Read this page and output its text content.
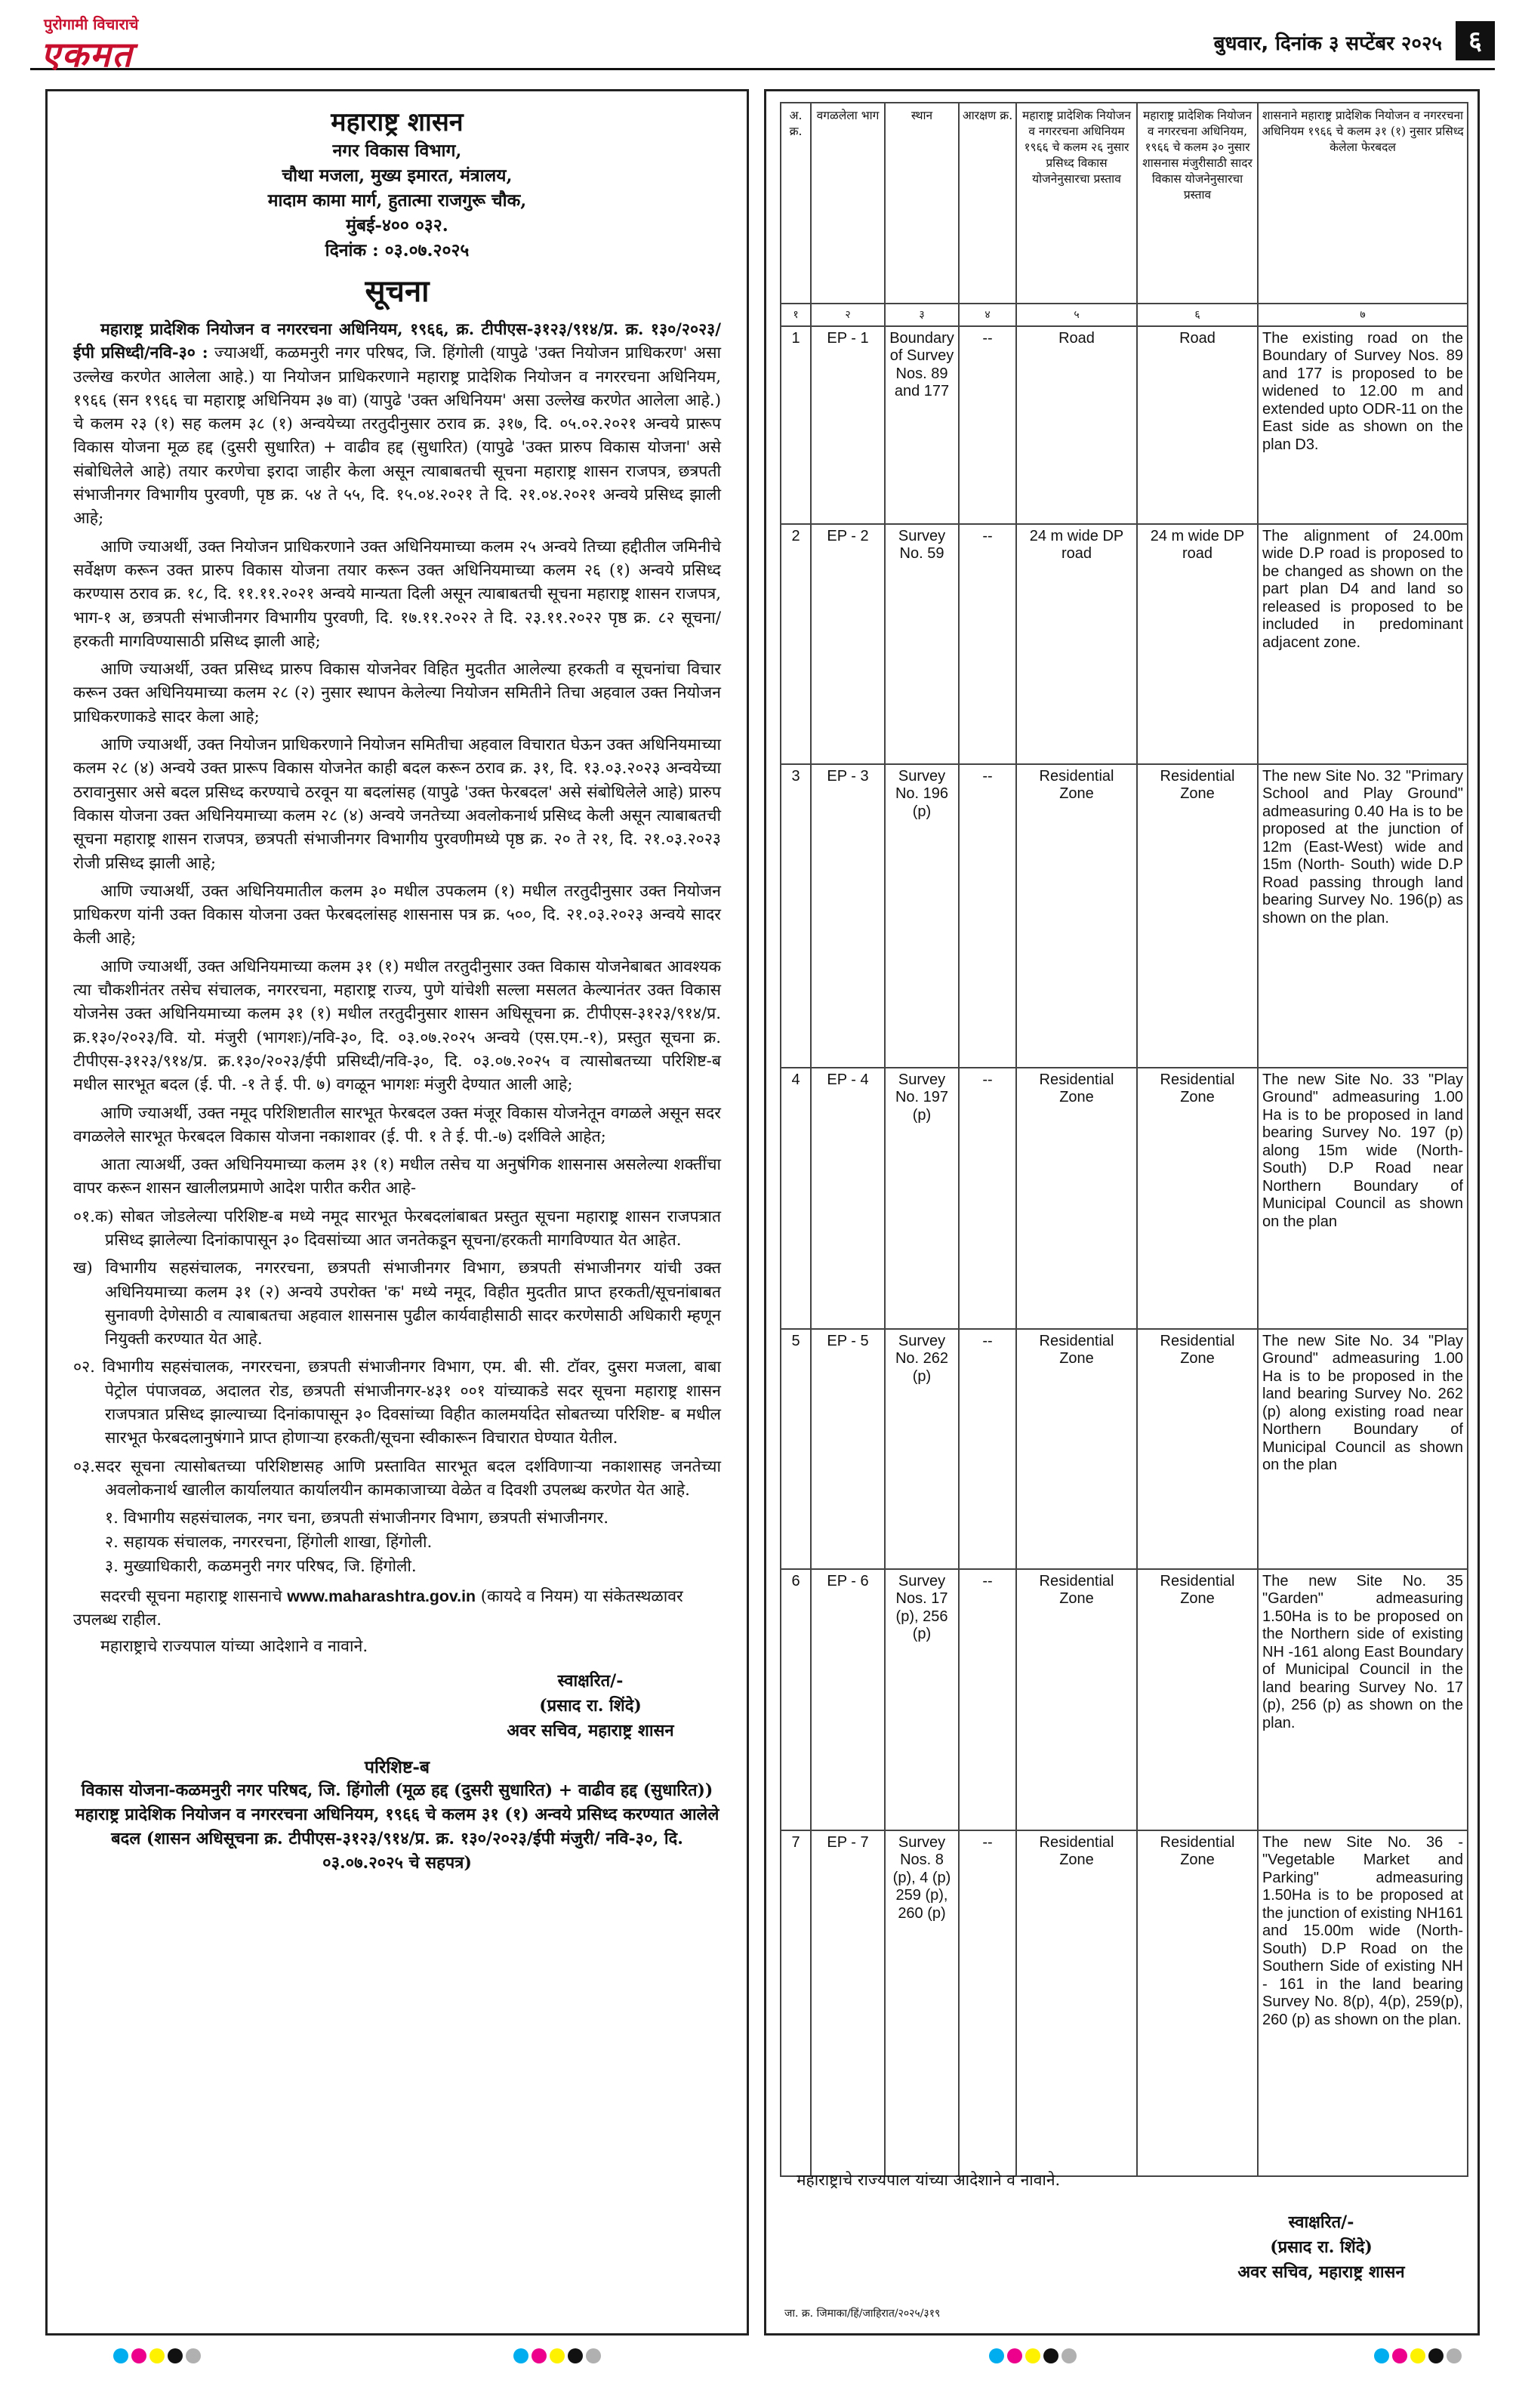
पुरोगामी विचाराचे
एकमत	बुधवार, दिनांक ३ सप्टेंबर २०२५	६
महाराष्ट्र शासन
नगर विकास विभाग,
चौथा मजला, मुख्य इमारत, मंत्रालय,
मादाम कामा मार्ग, हुतात्मा राजगुरू चौक,
मुंबई-४०० ०३२.
दिनांक : ०३.०७.२०२५
सूचना

महाराष्ट्र प्रादेशिक नियोजन व नगररचना अधिनियम, १९६६, क्र. टीपीएस-३१२३/९१४/प्र. क्र. १३०/२०२३/ईपी प्रसिध्दी/नवि-३० : ज्याअर्थी, कळमनुरी नगर परिषद, जि. हिंगोली (यापुढे 'उक्त नियोजन प्राधिकरण' असा उल्लेख करणेत आलेला आहे.) या नियोजन प्राधिकरणाने महाराष्ट्र प्रादेशिक नियोजन व नगररचना अधिनियम, १९६६ (सन १९६६ चा महाराष्ट्र अधिनियम ३७ वा) (यापुढे 'उक्त अधिनियम' असा उल्लेख करणेत आलेला आहे.) चे कलम २३ (१) सह कलम ३८ (१) अन्वयेच्या तरतुदीनुसार ठराव क्र. ३१७, दि. ०५.०२.२०२१ अन्वये प्रारूप विकास योजना मूळ हद्द (दुसरी सुधारित) + वाढीव हद्द (सुधारित) (यापुढे 'उक्त प्रारुप विकास योजना' असे संबोधिलेले आहे) तयार करणेचा इरादा जाहीर केला असून त्याबाबतची सूचना महाराष्ट्र शासन राजपत्र, छत्रपती संभाजीनगर विभागीय पुरवणी, पृष्ठ क्र. ५४ ते ५५, दि. १५.०४.२०२१ ते दि. २१.०४.२०२१ अन्वये प्रसिध्द झाली आहे;

आणि ज्याअर्थी, उक्त नियोजन प्राधिकरणाने उक्त अधिनियमाच्या कलम २५ अन्वये तिच्या हद्दीतील जमिनीचे सर्वेक्षण करून उक्त प्रारुप विकास योजना तयार करून उक्त अधिनियमाच्या कलम २६ (१) अन्वये प्रसिध्द करण्यास ठराव क्र. १८, दि. ११.११.२०२१ अन्वये मान्यता दिली असून त्याबाबतची सूचना महाराष्ट्र शासन राजपत्र, भाग-१ अ, छत्रपती संभाजीनगर विभागीय पुरवणी, दि. १७.११.२०२२ ते दि. २३.११.२०२२ पृष्ठ क्र. ८२ सूचना/हरकती मागविण्यासाठी प्रसिध्द झाली आहे;

आणि ज्याअर्थी, उक्त प्रसिध्द प्रारुप विकास योजनेवर विहित मुदतीत आलेल्या हरकती व सूचनांचा विचार करून उक्त अधिनियमाच्या कलम २८ (२) नुसार स्थापन केलेल्या नियोजन समितीने तिचा अहवाल उक्त नियोजन प्राधिकरणाकडे सादर केला आहे;

आणि ज्याअर्थी, उक्त नियोजन प्राधिकरणाने नियोजन समितीचा अहवाल विचारात घेऊन उक्त अधिनियमाच्या कलम २८ (४) अन्वये उक्त प्रारूप विकास योजनेत काही बदल करून ठराव क्र. ३१, दि. १३.०३.२०२३ अन्वयेच्या ठरावानुसार असे बदल प्रसिध्द करण्याचे ठरवून या बदलांसह (यापुढे 'उक्त फेरबदल' असे संबोधिलेले आहे) प्रारुप विकास योजना उक्त अधिनियमाच्या कलम २८ (४) अन्वये जनतेच्या अवलोकनार्थ प्रसिध्द केली असून त्याबाबतची सूचना महाराष्ट्र शासन राजपत्र, छत्रपती संभाजीनगर विभागीय पुरवणीमध्ये पृष्ठ क्र. २० ते २१, दि. २१.०३.२०२३ रोजी प्रसिध्द झाली आहे;

आणि ज्याअर्थी, उक्त अधिनियमातील कलम ३० मधील उपकलम (१) मधील तरतुदीनुसार उक्त नियोजन प्राधिकरण यांनी उक्त विकास योजना उक्त फेरबदलांसह शासनास पत्र क्र. ५००, दि. २१.०३.२०२३ अन्वये सादर केली आहे;

आणि ज्याअर्थी, उक्त अधिनियमाच्या कलम ३१ (१) मधील तरतुदीनुसार उक्त विकास योजनेबाबत आवश्यक त्या चौकशीनंतर तसेच संचालक, नगररचना, महाराष्ट्र राज्य, पुणे यांचेशी सल्ला मसलत केल्यानंतर उक्त विकास योजनेस उक्त अधिनियमाच्या कलम ३१ (१) मधील तरतुदीनुसार शासन अधिसूचना क्र. टीपीएस-३१२३/९१४/प्र. क्र.१३०/२०२३/वि. यो. मंजुरी (भागशः)/नवि-३०, दि. ०३.०७.२०२५ अन्वये (एस.एम.-१), प्रस्तुत सूचना क्र. टीपीएस-३१२३/९१४/प्र. क्र.१३०/२०२३/ईपी प्रसिध्दी/नवि-३०, दि. ०३.०७.२०२५ व त्यासोबतच्या परिशिष्ट-ब मधील सारभूत बदल (ई. पी. -१ ते ई. पी. ७) वगळून भागशः मंजुरी देण्यात आली आहे;

आणि ज्याअर्थी, उक्त नमूद परिशिष्टातील सारभूत फेरबदल उक्त मंजूर विकास योजनेतून वगळले असून सदर वगळलेले सारभूत फेरबदल विकास योजना नकाशावर (ई. पी. १ ते ई. पी.-७) दर्शविले आहेत;

आता त्याअर्थी, उक्त अधिनियमाच्या कलम ३१ (१) मधील तसेच या अनुषंगिक शासनास असलेल्या शक्तींचा वापर करून शासन खालीलप्रमाणे आदेश पारीत करीत आहे-

०१.क) सोबत जोडलेल्या परिशिष्ट-ब मध्ये नमूद सारभूत फेरबदलांबाबत प्रस्तुत सूचना महाराष्ट्र शासन राजपत्रात प्रसिध्द झालेल्या दिनांकापासून ३० दिवसांच्या आत जनतेकडून सूचना/हरकती मागविण्यात येत आहेत.

ख) विभागीय सहसंचालक, नगररचना, छत्रपती संभाजीनगर विभाग, छत्रपती संभाजीनगर यांची उक्त अधिनियमाच्या कलम ३१ (२) अन्वये उपरोक्त 'क' मध्ये नमूद, विहीत मुदतीत प्राप्त हरकती/सूचनांबाबत सुनावणी देणेसाठी व त्याबाबतचा अहवाल शासनास पुढील कार्यवाहीसाठी सादर करणेसाठी अधिकारी म्हणून नियुक्ती करण्यात येत आहे.

०२. विभागीय सहसंचालक, नगररचना, छत्रपती संभाजीनगर विभाग, एम. बी. सी. टॉवर, दुसरा मजला, बाबा पेट्रोल पंपाजवळ, अदालत रोड, छत्रपती संभाजीनगर-४३१ ००१ यांच्याकडे सदर सूचना महाराष्ट्र शासन राजपत्रात प्रसिध्द झाल्याच्या दिनांकापासून ३० दिवसांच्या विहीत कालमर्यादेत सोबतच्या परिशिष्ट- ब मधील सारभूत फेरबदलानुषंगाने प्राप्त होणाऱ्या हरकती/सूचना स्वीकारून विचारात घेण्यात येतील.

०३.सदर सूचना त्यासोबतच्या परिशिष्टासह आणि प्रस्तावित सारभूत बदल दर्शविणाऱ्या नकाशासह जनतेच्या अवलोकनार्थ खालील कार्यालयात कार्यालयीन कामकाजाच्या वेळेत व दिवशी उपलब्ध करणेत येत आहे.

१. विभागीय सहसंचालक, नगर चना, छत्रपती संभाजीनगर विभाग, छत्रपती संभाजीनगर.

२. सहायक संचालक, नगररचना, हिंगोली शाखा, हिंगोली.

३. मुख्याधिकारी, कळमनुरी नगर परिषद, जि. हिंगोली.

सदरची सूचना महाराष्ट्र शासनाचे www.maharashtra.gov.in (कायदे व नियम) या संकेतस्थळावर उपलब्ध राहील.

महाराष्ट्राचे राज्यपाल यांच्या आदेशाने व नावाने.

स्वाक्षरित/-
(प्रसाद रा. शिंदे)
अवर सचिव, महाराष्ट्र शासन
परिशिष्ट-ब
विकास योजना-कळमनुरी नगर परिषद, जि. हिंगोली (मूळ हद्द (दुसरी सुधारित) + वाढीव हद्द (सुधारित)) महाराष्ट्र प्रादेशिक नियोजन व नगररचना अधिनियम, १९६६ चे कलम ३१ (१) अन्वये प्रसिध्द करण्यात आलेले बदल (शासन अधिसूचना क्र. टीपीएस-३१२३/९१४/प्र. क्र. १३०/२०२३/ईपी मंजुरी/ नवि-३०, दि. ०३.०७.२०२५ चे सहपत्र)
अ. क्र.	वगळलेला भाग	स्थान	आरक्षण क्र.	महाराष्ट्र प्रादेशिक नियोजन व नगररचना अधिनियम १९६६ चे कलम २६ नुसार प्रसिध्द विकास योजनेनुसारचा प्रस्ताव	महाराष्ट्र प्रादेशिक नियोजन व नगररचना अधिनियम, १९६६ चे कलम ३० नुसार शासनास मंजुरीसाठी सादर विकास योजनेनुसारचा प्रस्ताव	शासनाने महाराष्ट्र प्रादेशिक नियोजन व नगररचना अधिनियम १९६६ चे कलम ३१ (१) नुसार प्रसिध्द केलेला फेरबदल
१	२	३	४	५	६	७
1	EP - 1	Boundary of Survey Nos. 89 and 177	--	Road	Road	The existing road on the Boundary of Survey Nos. 89 and 177 is proposed to be widened to 12.00 m and extended upto ODR-11 on the East side as shown on the plan D3.
2	EP - 2	Survey No. 59	--	24 m wide DP road	24 m wide DP road	The alignment of 24.00m wide D.P road is proposed to be changed as shown on the part plan D4 and land so released is proposed to be included in predominant adjacent zone.
3	EP - 3	Survey No. 196 (p)	--	Residential Zone	Residential Zone	The new Site No. 32 "Primary School and Play Ground" admeasuring 0.40 Ha is to be proposed at the junction of 12m (East-West) wide and 15m (North- South) wide D.P Road passing through land bearing Survey No. 196(p) as shown on the plan.
4	EP - 4	Survey No. 197 (p)	--	Residential Zone	Residential Zone	The new Site No. 33 "Play Ground" admeasuring 1.00 Ha is to be proposed in land bearing Survey No. 197 (p) along 15m wide (North- South) D.P Road near Northern Boundary of Municipal Council as shown on the plan
5	EP - 5	Survey No. 262 (p)	--	Residential Zone	Residential Zone	The new Site No. 34 "Play Ground" admeasuring 1.00 Ha is to be proposed in the land bearing Survey No. 262 (p) along existing road near Northern Boundary of Municipal Council as shown on the plan
6	EP - 6	Survey Nos. 17 (p), 256 (p)	--	Residential Zone	Residential Zone	The new Site No. 35 "Garden" admeasuring 1.50Ha is to be proposed on the Northern side of existing NH -161 along East Boundary of Municipal Council in the land bearing Survey No. 17 (p), 256 (p) as shown on the plan.
7	EP - 7	Survey Nos. 8 (p), 4 (p) 259 (p), 260 (p)	--	Residential Zone	Residential Zone	The new Site No. 36 - "Vegetable Market and Parking" admeasuring 1.50Ha is to be proposed at the junction of existing NH161 and 15.00m wide (North-South) D.P Road on the Southern Side of existing NH - 161 in the land bearing Survey No. 8(p), 4(p), 259(p), 260 (p) as shown on the plan.
महाराष्ट्राचे राज्यपाल यांच्या आदेशाने व नावाने.
स्वाक्षरित/-
(प्रसाद रा. शिंदे)
अवर सचिव, महाराष्ट्र शासन
जा. क्र. जिमाका/हिं/जाहिरात/२०२५/३१९
